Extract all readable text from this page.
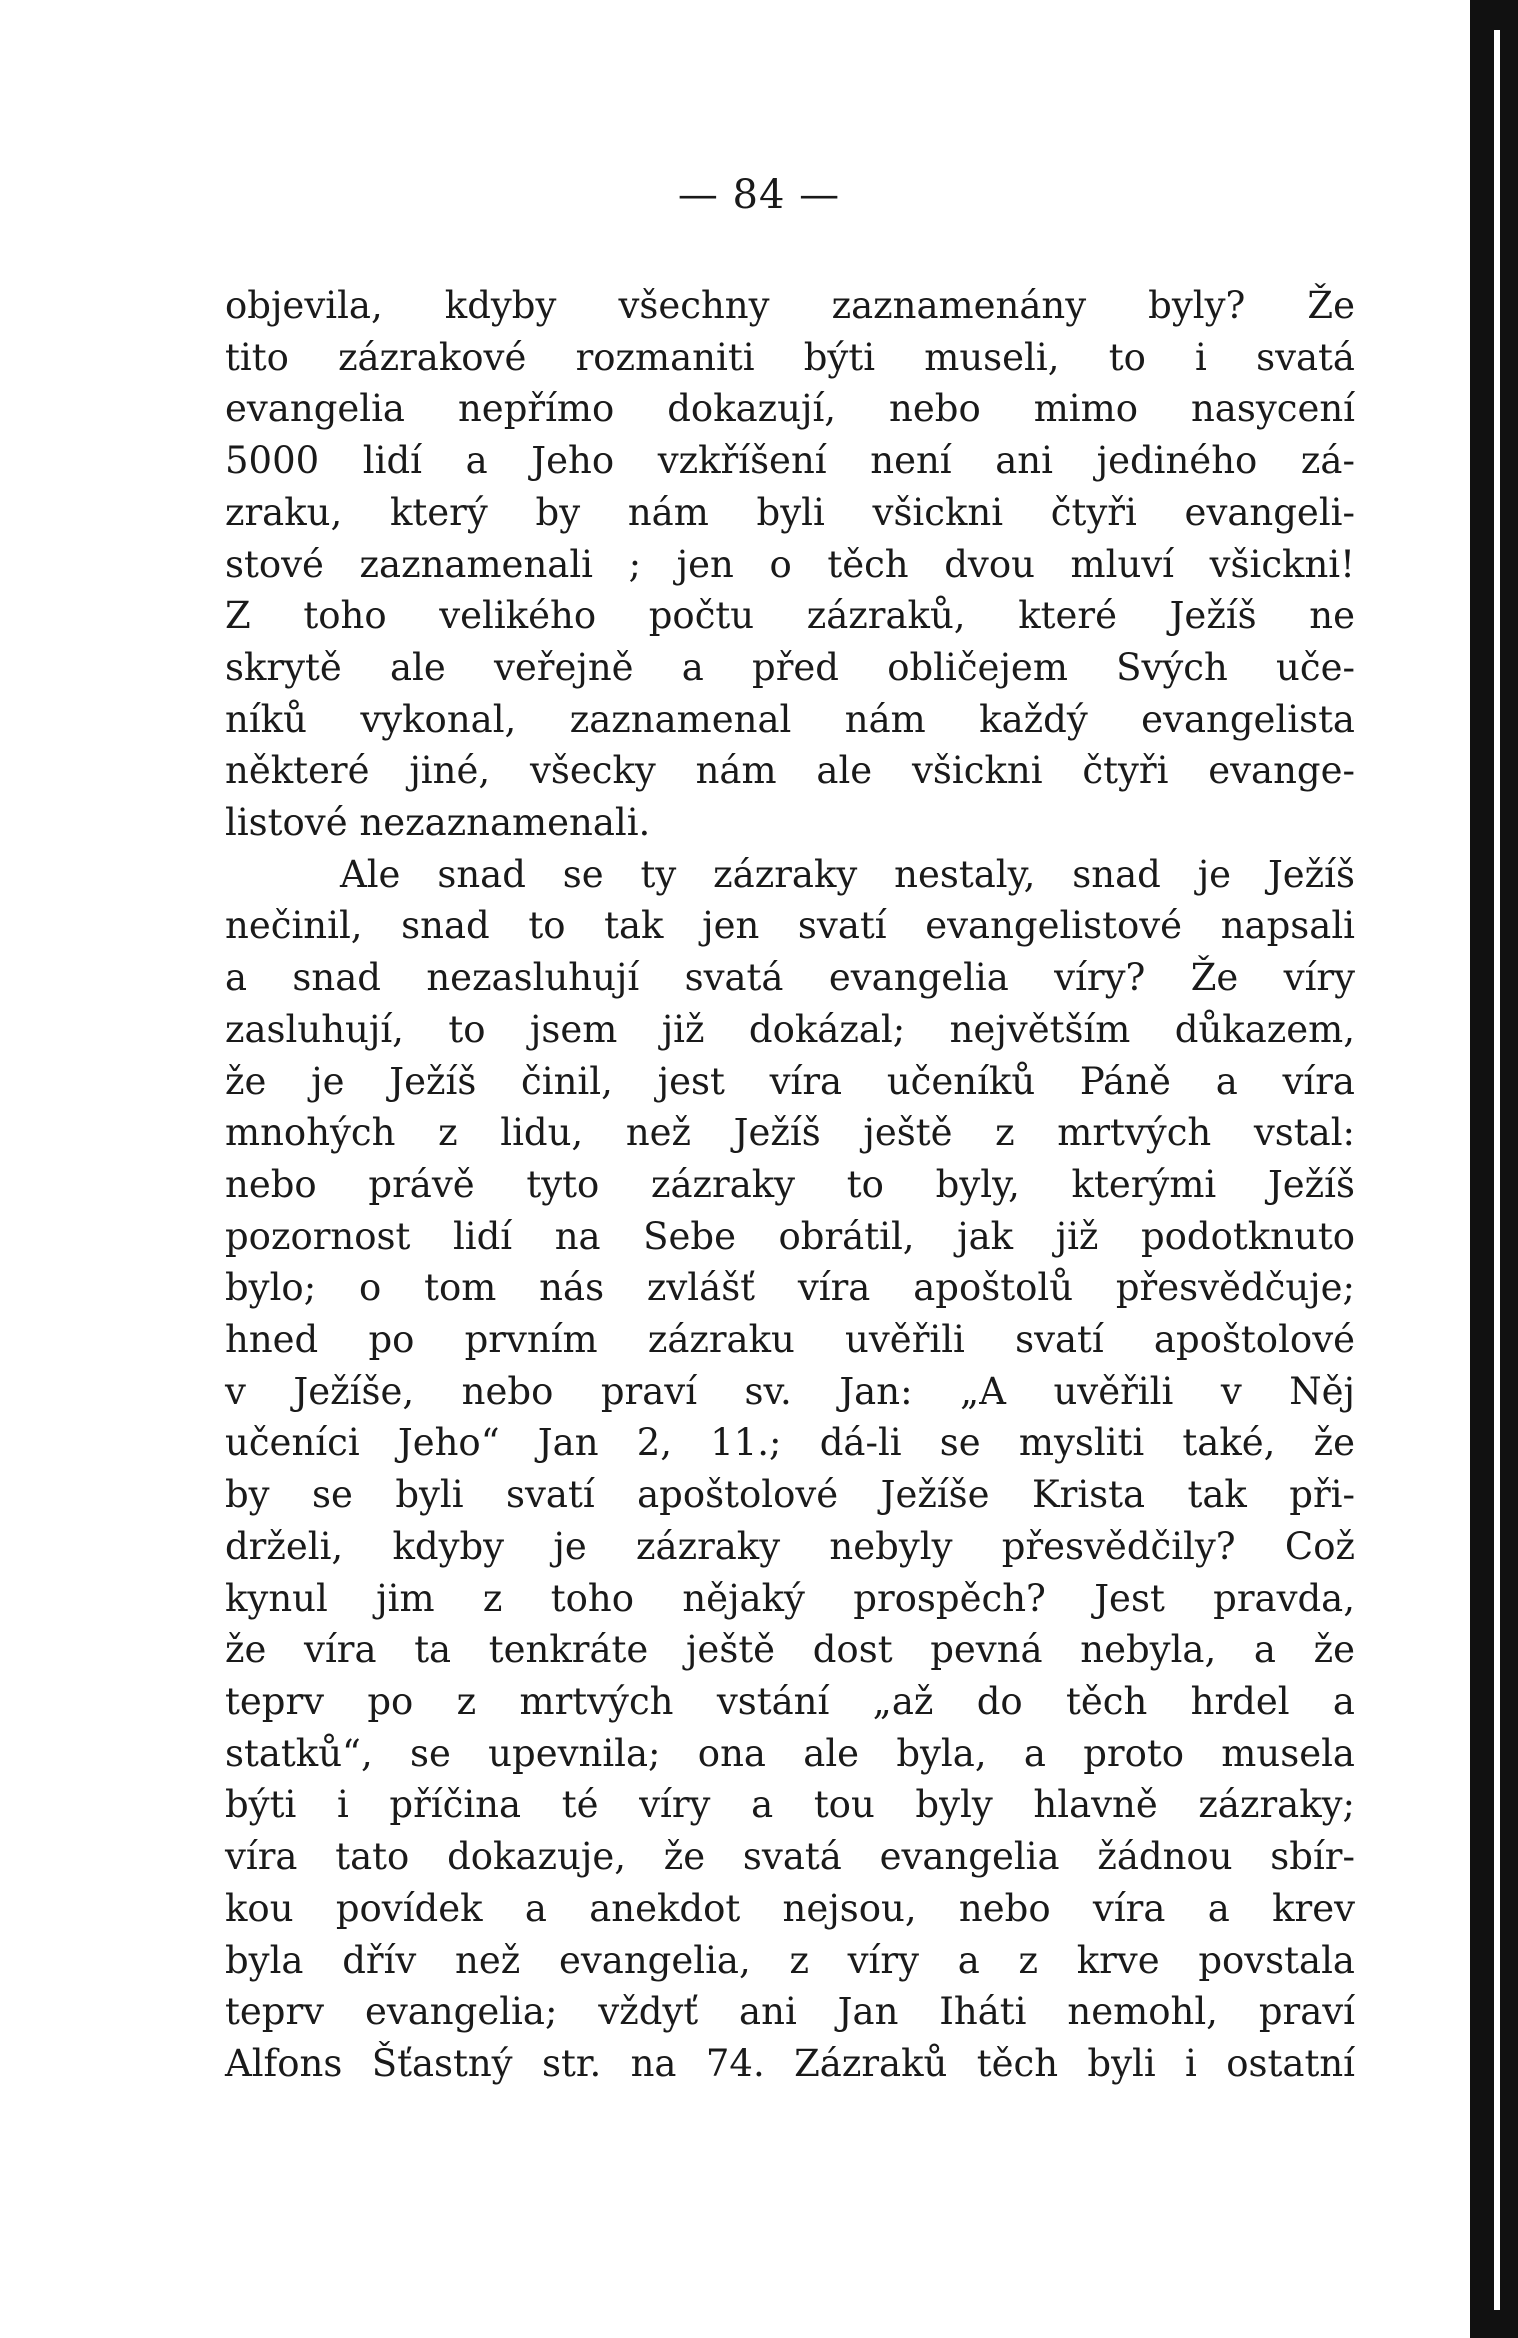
— 84 —
objevila, kdyby všechny zaznamenány byly? Že
tito zázrakové rozmaniti býti museli, to i svatá
evangelia nepřímo dokazují, nebo mimo nasycení
5000 lidí a Jeho vzkříšení není ani jediného zá-
zraku, který by nám byli všickni čtyři evangeli-
stové zaznamenali ; jen o těch dvou mluví všickni!
Z toho velikého počtu zázraků, které Ježíš ne
skrytě ale veřejně a před obličejem Svých uče-
níků vykonal, zaznamenal nám každý evangelista
některé jiné, všecky nám ale všickni čtyři evange-
listové nezaznamenali.
Ale snad se ty zázraky nestaly, snad je Ježíš
nečinil, snad to tak jen svatí evangelistové napsali
a snad nezasluhují svatá evangelia víry? Že víry
zasluhují, to jsem již dokázal; největším důkazem,
že je Ježíš činil, jest víra učeníků Páně a víra
mnohých z lidu, než Ježíš ještě z mrtvých vstal:
nebo právě tyto zázraky to byly, kterými Ježíš
pozornost lidí na Sebe obrátil, jak již podotknuto
bylo; o tom nás zvlášť víra apoštolů přesvědčuje;
hned po prvním zázraku uvěřili svatí apoštolové
v Ježíše, nebo praví sv. Jan: „A uvěřili v Něj
učeníci Jeho“ Jan 2, 11.; dá-li se mysliti také, že
by se byli svatí apoštolové Ježíše Krista tak při-
drželi, kdyby je zázraky nebyly přesvědčily? Což
kynul jim z toho nějaký prospěch? Jest pravda,
že víra ta tenkráte ještě dost pevná nebyla, a že
teprv po z mrtvých vstání „až do těch hrdel a
statků“, se upevnila; ona ale byla, a proto musela
býti i příčina té víry a tou byly hlavně zázraky;
víra tato dokazuje, že svatá evangelia žádnou sbír-
kou povídek a anekdot nejsou, nebo víra a krev
byla dřív než evangelia, z víry a z krve povstala
teprv evangelia; vždyť ani Jan Iháti nemohl, praví
Alfons Šťastný str. na 74. Zázraků těch byli i ostatní
